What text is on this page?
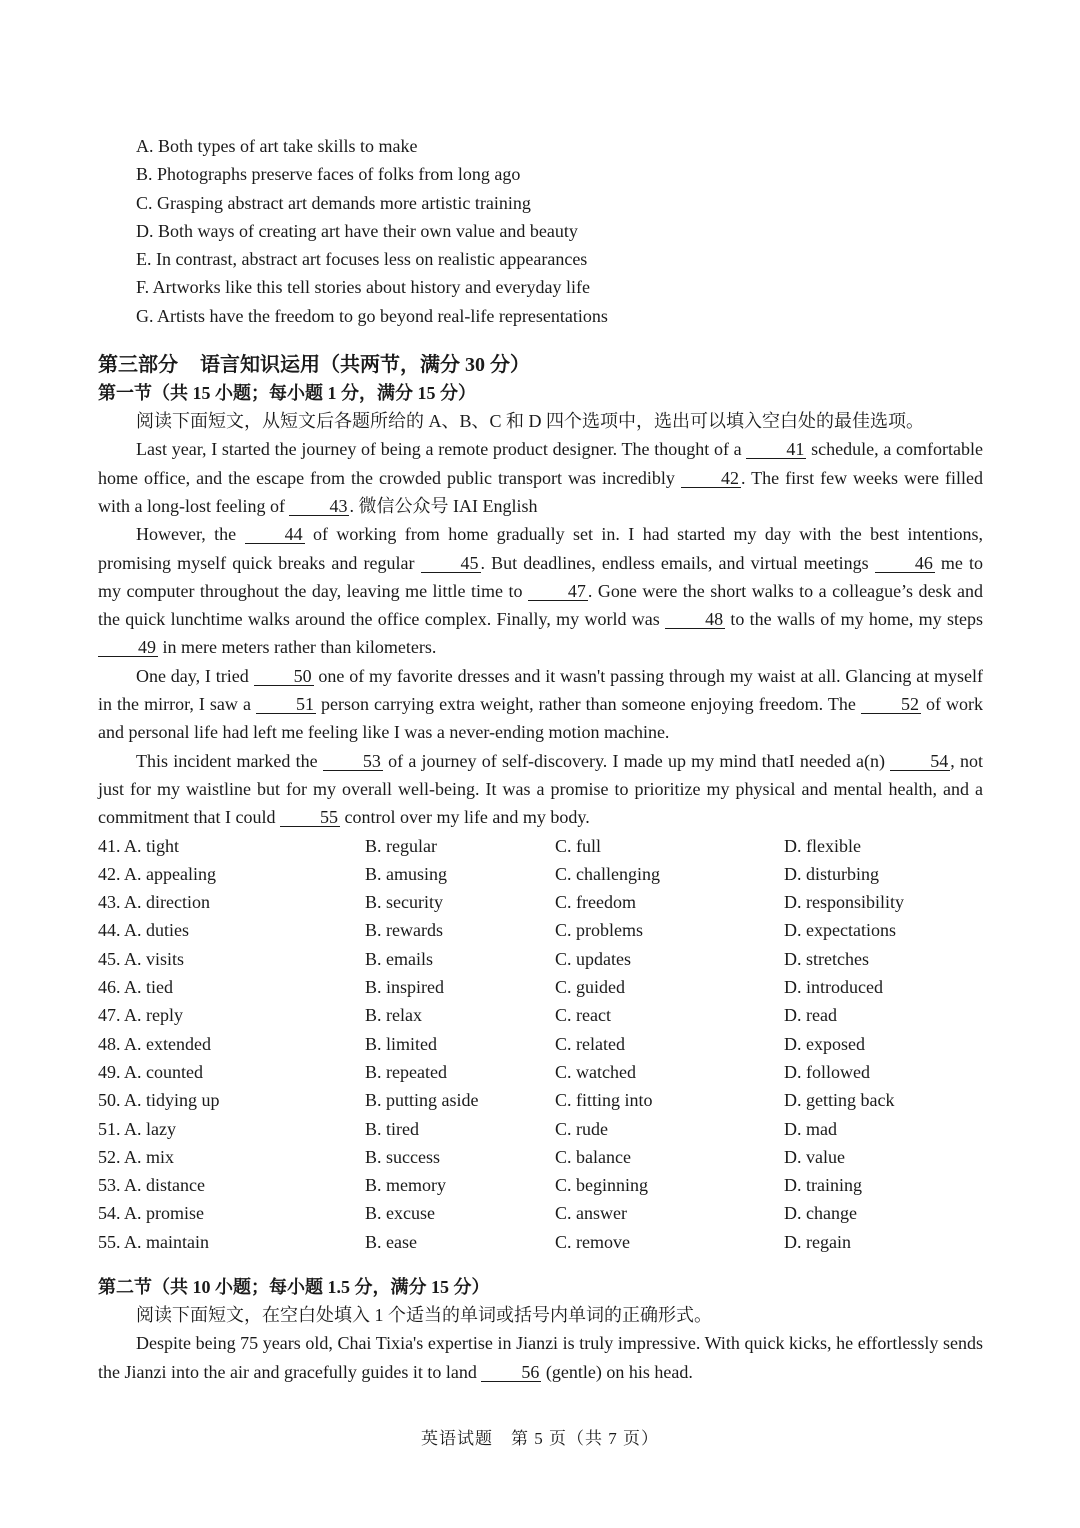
A. Both types of art take skills to make
B. Photographs preserve faces of folks from long ago
C. Grasping abstract art demands more artistic training
D. Both ways of creating art have their own value and beauty
E. In contrast, abstract art focuses less on realistic appearances
F. Artworks like this tell stories about history and everyday life
G. Artists have the freedom to go beyond real-life representations
第三部分 语言知识运用（共两节，满分 30 分）
第一节（共 15 小题；每小题 1 分，满分 15 分）
阅读下面短文，从短文后各题所给的 A、B、C 和 D 四个选项中，选出可以填入空白处的最佳选项。

Last year, I started the journey of being a remote product designer. The thought of a 41 schedule, a comfortable home office, and the escape from the crowded public transport was incredibly	42 . The first few weeks were filled with a long-lost feeling of 43 . 微信公众号 IAI English

However, the	44 of working from home gradually set in. I had started my day with the best intentions, promising myself quick breaks and regular	45 . But deadlines, endless emails, and virtual meetings	46 me to my computer throughout the day, leaving me little time to	47 . Gone were the short walks to a colleague’s desk and the quick lunchtime walks around the office complex. Finally, my world was	48 to the walls of my home, my steps 49 in mere meters rather than kilometers.

One day, I tried 50 one of my favorite dresses and it wasn't passing through my waist at all. Glancing at myself in the mirror, I saw a	51 person carrying extra weight, rather than someone enjoying freedom. The	52 of work and personal life had left me feeling like I was a never-ending motion machine.

This incident marked the	53 of a journey of self-discovery. I made up my mind thatI needed a(n)	54 , not just for my waistline but for my overall well-being. It was a promise to prioritize my physical and mental health, and a commitment that I could 55 control over my life and my body.

41. A. tight	B. regular	C. full	D. flexible
42. A. appealing	B. amusing	C. challenging	D. disturbing
43. A. direction	B. security	C. freedom	D. responsibility
44. A. duties	B. rewards	C. problems	D. expectations
45. A. visits	B. emails	C. updates	D. stretches
46. A. tied	B. inspired	C. guided	D. introduced
47. A. reply	B. relax	C. react	D. read
48. A. extended	B. limited	C. related	D. exposed
49. A. counted	B. repeated	C. watched	D. followed
50. A. tidying up	B. putting aside	C. fitting into	D. getting back
51. A. lazy	B. tired	C. rude	D. mad
52. A. mix	B. success	C. balance	D. value
53. A. distance	B. memory	C. beginning	D. training
54. A. promise	B. excuse	C. answer	D. change
55. A. maintain	B. ease	C. remove	D. regain
第二节（共 10 小题；每小题 1.5 分，满分 15 分）
阅读下面短文，在空白处填入 1 个适当的单词或括号内单词的正确形式。

Despite being 75 years old, Chai Tixia's expertise in Jianzi is truly impressive. With quick kicks, he effortlessly sends the Jianzi into the air and gracefully guides it to land 56 (gentle) on his head.

英语试题　第 5 页（共 7 页）
